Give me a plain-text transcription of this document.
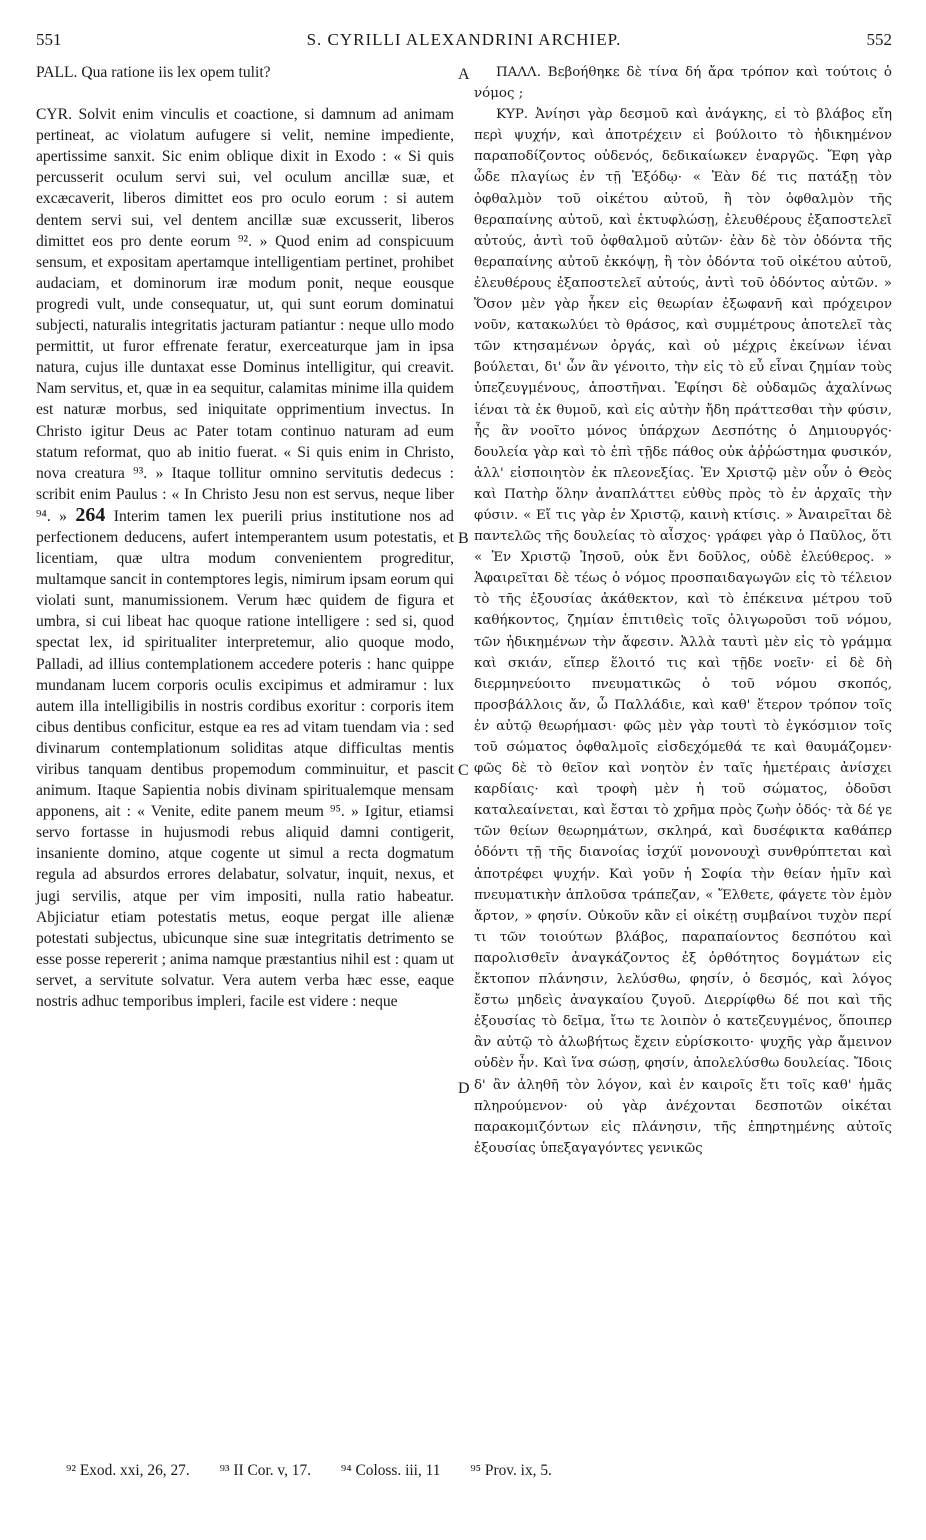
551	S. CYRILLI ALEXANDRINI ARCHIEP.	552

PALL. Qua ratione iis lex opem tulit?

CYR. Solvit enim vinculis et coactione, si damnum ad animam pertineat, ac violatum aufugere si velit, nemine impediente, apertissime sanxit. Sic enim oblique dixit in Exodo : « Si quis percusserit oculum servi sui, vel oculum ancillæ suæ, et excæcaverit, liberos dimittet eos pro oculo eorum : si autem dentem servi sui, vel dentem ancillæ suæ excusserit, liberos dimittet eos pro dente eorum ⁹². » Quod enim ad conspicuum sensum, et expositam apertamque intelligentiam pertinet, prohibet audaciam, et dominorum iræ modum ponit, neque eousque progredi vult, unde consequatur, ut, qui sunt eorum dominatui subjecti, naturalis integritatis jacturam patiantur : neque ullo modo permittit, ut furor effrenate feratur, exerceaturque jam in ipsa natura, cujus ille duntaxat esse Dominus intelligitur, qui creavit. Nam servitus, et, quæ in ea sequitur, calamitas minime illa quidem est naturæ morbus, sed iniquitate opprimentium invectus. In Christo igitur Deus ac Pater totam continuo naturam ad eum statum reformat, quo ab initio fuerat. « Si quis enim in Christo, nova creatura ⁹³. » Itaque tollitur omnino servitutis dedecus : scribit enim Paulus : « In Christo Jesu non est servus, neque liber ⁹⁴. » 264 Interim tamen lex puerili prius institutione nos ad perfectionem deducens, aufert intemperantem usum potestatis, et licentiam, quæ ultra modum convenientem progreditur, multamque sancit in contemptores legis, nimirum ipsam eorum qui violati sunt, manumissionem. Verum hæc quidem de figura et umbra, si cui libeat hac quoque ratione intelligere : sed si, quod spectat lex, id spiritualiter interpretemur, alio quoque modo, Palladi, ad illius contemplationem accedere poteris : hanc quippe mundanam lucem corporis oculis excipimus et admiramur : lux autem illa intelligibilis in nostris cordibus exoritur : corporis item cibus dentibus conficitur, estque ea res ad vitam tuendam via : sed divinarum contemplationum soliditas atque difficultas mentis viribus tanquam dentibus propemodum comminuitur, et pascit animum. Itaque Sapientia nobis divinam spiritualemque mensam apponens, ait : « Venite, edite panem meum ⁹⁵. » Igitur, etiamsi servo fortasse in hujusmodi rebus aliquid damni contigerit, insaniente domino, atque cogente ut simul a recta dogmatum regula ad absurdos errores delabatur, solvatur, inquit, nexus, et jugi servilis, atque per vim impositi, nulla ratio habeatur. Abjiciatur etiam potestatis metus, eoque pergat ille alienæ potestati subjectus, ubicunque sine suæ integritatis detrimento se esse posse repererit ; anima namque præstantius nihil est : quam ut servet, a servitute solvatur. Vera autem verba hæc esse, eaque nostris adhuc temporibus impleri, facile est videre : neque

A
B
C
D

ΠΑΛΛ. Βεβοήθηκε δὲ τίνα δή ἄρα τρόπον καὶ τούτοις ὁ νόμος ;

ΚΥΡ. Ἀνίησι γὰρ δεσμοῦ καὶ ἀνάγκης, εἰ τὸ βλάβος εἴη περὶ ψυχήν, καὶ ἀποτρέχειν εἰ βούλοιτο τὸ ἠδικημένον παραποδίζοντος οὐδενός, δεδικαίωκεν ἐναργῶς. Ἔφη γὰρ ὧδε πλαγίως ἐν τῇ Ἐξόδῳ· « Ἐὰν δέ τις πατάξῃ τὸν ὀφθαλμὸν τοῦ οἰκέτου αὐτοῦ, ἢ τὸν ὀφθαλμὸν τῆς θεραπαίνης αὐτοῦ, καὶ ἐκτυφλώσῃ, ἐλευθέρους ἐξαποστελεῖ αὐτούς, ἀντὶ τοῦ ὀφθαλμοῦ αὐτῶν· ἐὰν δὲ τὸν ὀδόντα τῆς θεραπαίνης αὐτοῦ ἐκκόψῃ, ἢ τὸν ὀδόντα τοῦ οἰκέτου αὐτοῦ, ἐλευθέρους ἐξαποστελεῖ αὐτούς, ἀντὶ τοῦ ὀδόντος αὐτῶν. » Ὅσον μὲν γὰρ ἧκεν εἰς θεωρίαν ἐξωφανῆ καὶ πρόχειρον νοῦν, κατακωλύει τὸ θράσος, καὶ συμμέτρους ἀποτελεῖ τὰς τῶν κτησαμένων ὀργάς, καὶ οὐ μέχρις ἐκείνων ἰέναι βούλεται, δι' ὧν ἂν γένοιτο, τὴν εἰς τὸ εὖ εἶναι ζημίαν τοὺς ὑπεζευγμένους, ἀποστῆναι. Ἐφίησι δὲ οὐδαμῶς ἀχαλίνως ἰέναι τὰ ἐκ θυμοῦ, καὶ εἰς αὐτὴν ἤδη πράττεσθαι τὴν φύσιν, ἧς ἂν νοοῖτο μόνος ὑπάρχων Δεσπότης ὁ Δημιουργός· δουλεία γὰρ καὶ τὸ ἐπὶ τῇδε πάθος οὐκ ἀῤῥώστημα φυσικόν, ἀλλ' εἰσποιητὸν ἐκ πλεονεξίας. Ἐν Χριστῷ μὲν οὖν ὁ Θεὸς καὶ Πατὴρ ὅλην ἀναπλάττει εὐθὺς πρὸς τὸ ἐν ἀρχαῖς τὴν φύσιν. « Εἴ τις γὰρ ἐν Χριστῷ, καινὴ κτίσις. » Ἀναιρεῖται δὲ παντελῶς τῆς δουλείας τὸ αἶσχος· γράφει γὰρ ὁ Παῦλος, ὅτι « Ἐν Χριστῷ Ἰησοῦ, οὐκ ἔνι δοῦλος, οὐδὲ ἐλεύθερος. » Ἀφαιρεῖται δὲ τέως ὁ νόμος προσπαιδαγωγῶν εἰς τὸ τέλειον τὸ τῆς ἐξουσίας ἀκάθεκτον, καὶ τὸ ἐπέκεινα μέτρου τοῦ καθήκοντος, ζημίαν ἐπιτιθεὶς τοῖς ὀλιγωροῦσι τοῦ νόμου, τῶν ἠδικημένων τὴν ἄφεσιν. Ἀλλὰ ταυτὶ μὲν εἰς τὸ γράμμα καὶ σκιάν, εἴπερ ἕλοιτό τις καὶ τῇδε νοεῖν· εἰ δὲ δὴ διερμηνεύοιτο πνευματικῶς ὁ τοῦ νόμου σκοπός, προσβάλλοις ἄν, ὦ Παλλάδιε, καὶ καθ' ἕτερον τρόπον τοῖς ἐν αὐτῷ θεωρήμασι· φῶς μὲν γὰρ τουτὶ τὸ ἐγκόσμιον τοῖς τοῦ σώματος ὀφθαλμοῖς εἰσδεχόμεθά τε καὶ θαυμάζομεν· φῶς δὲ τὸ θεῖον καὶ νοητὸν ἐν ταῖς ἡμετέραις ἀνίσχει καρδίαις· καὶ τροφὴ μὲν ἡ τοῦ σώματος, ὀδοῦσι καταλεαίνεται, καὶ ἔσται τὸ χρῆμα πρὸς ζωὴν ὁδός· τὰ δέ γε τῶν θείων θεωρημάτων, σκληρά, καὶ δυσέφικτα καθάπερ ὀδόντι τῇ τῆς διανοίας ἰσχύϊ μονονουχὶ συνθρύπτεται καὶ ἀποτρέφει ψυχήν. Καὶ γοῦν ἡ Σοφία τὴν θείαν ἡμῖν καὶ πνευματικὴν ἁπλοῦσα τράπεζαν, « Ἔλθετε, φάγετε τὸν ἐμὸν ἄρτον, » φησίν. Οὐκοῦν κἂν εἰ οἰκέτῃ συμβαίνοι τυχὸν περί τι τῶν τοιούτων βλάβος, παραπαίοντος δεσπότου καὶ παρολισθεῖν ἀναγκάζοντος ἐξ ὀρθότητος δογμάτων εἰς ἔκτοπον πλάνησιν, λελύσθω, φησίν, ὁ δεσμός, καὶ λόγος ἔστω μηδεὶς ἀναγκαίου ζυγοῦ. Διερρίφθω δέ ποι καὶ τῆς ἐξουσίας τὸ δεῖμα, ἴτω τε λοιπὸν ὁ κατεζευγμένος, ὅποιπερ ἂν αὐτῷ τὸ ἀλωβήτως ἔχειν εὑρίσκοιτο· ψυχῆς γὰρ ἄμεινον οὐδὲν ἦν. Καὶ ἵνα σώσῃ, φησίν, ἀπολελύσθω δουλείας. Ἴδοις δ' ἂν ἀληθῆ τὸν λόγον, καὶ ἐν καιροῖς ἔτι τοῖς καθ' ἡμᾶς πληρούμενον· οὐ γὰρ ἀνέχονται δεσποτῶν οἰκέται παρακομιζόντων εἰς πλάνησιν, τῆς ἐπηρτημένης αὐτοῖς ἐξουσίας ὑπεξαγαγόντες γενικῶς

⁹² Exod. xxi, 26, 27. ⁹³ II Cor. v, 17. ⁹⁴ Coloss. iii, 11 ⁹⁵ Prov. ix, 5.
